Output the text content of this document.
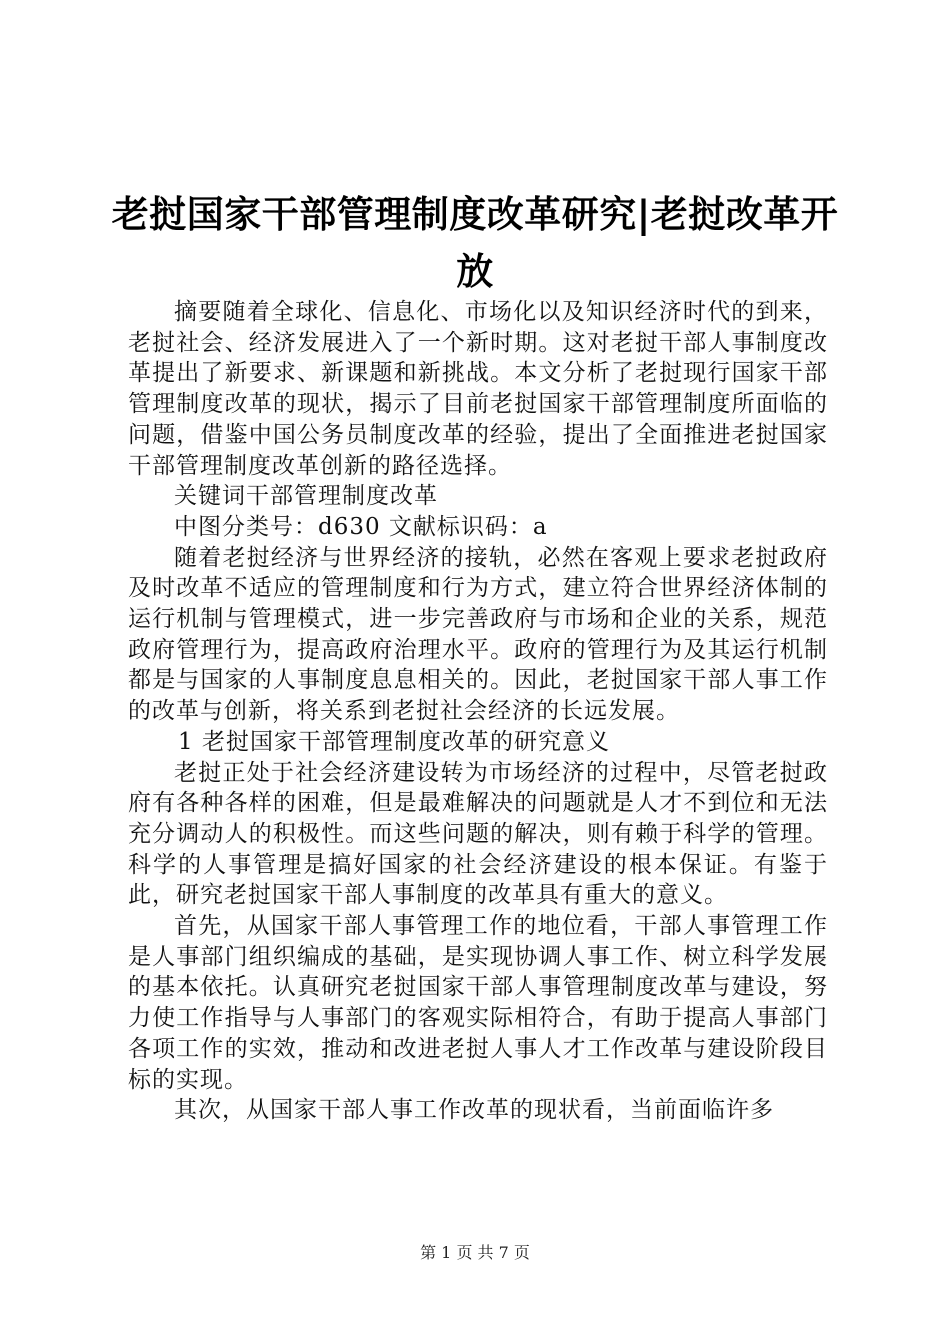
老挝国家干部管理制度改革研究|老挝改革开放

摘要随着全球化、信息化、市场化以及知识经济时代的到来，老挝社会、经济发展进入了一个新时期。这对老挝干部人事制度改革提出了新要求、新课题和新挑战。本文分析了老挝现行国家干部管理制度改革的现状，揭示了目前老挝国家干部管理制度所面临的问题，借鉴中国公务员制度改革的经验，提出了全面推进老挝国家干部管理制度改革创新的路径选择。

关键词干部管理制度改革

中图分类号：d630 文献标识码：a

随着老挝经济与世界经济的接轨，必然在客观上要求老挝政府及时改革不适应的管理制度和行为方式，建立符合世界经济体制的运行机制与管理模式，进一步完善政府与市场和企业的关系，规范政府管理行为，提高政府治理水平。政府的管理行为及其运行机制都是与国家的人事制度息息相关的。因此，老挝国家干部人事工作的改革与创新，将关系到老挝社会经济的长远发展。

1 老挝国家干部管理制度改革的研究意义

老挝正处于社会经济建设转为市场经济的过程中，尽管老挝政府有各种各样的困难，但是最难解决的问题就是人才不到位和无法充分调动人的积极性。而这些问题的解决，则有赖于科学的管理。科学的人事管理是搞好国家的社会经济建设的根本保证。有鉴于此，研究老挝国家干部人事制度的改革具有重大的意义。

首先，从国家干部人事管理工作的地位看，干部人事管理工作是人事部门组织编成的基础，是实现协调人事工作、树立科学发展的基本依托。认真研究老挝国家干部人事管理制度改革与建设，努力使工作指导与人事部门的客观实际相符合，有助于提高人事部门各项工作的实效，推动和改进老挝人事人才工作改革与建设阶段目标的实现。

其次，从国家干部人事工作改革的现状看，当前面临许多

第 1 页 共 7 页
